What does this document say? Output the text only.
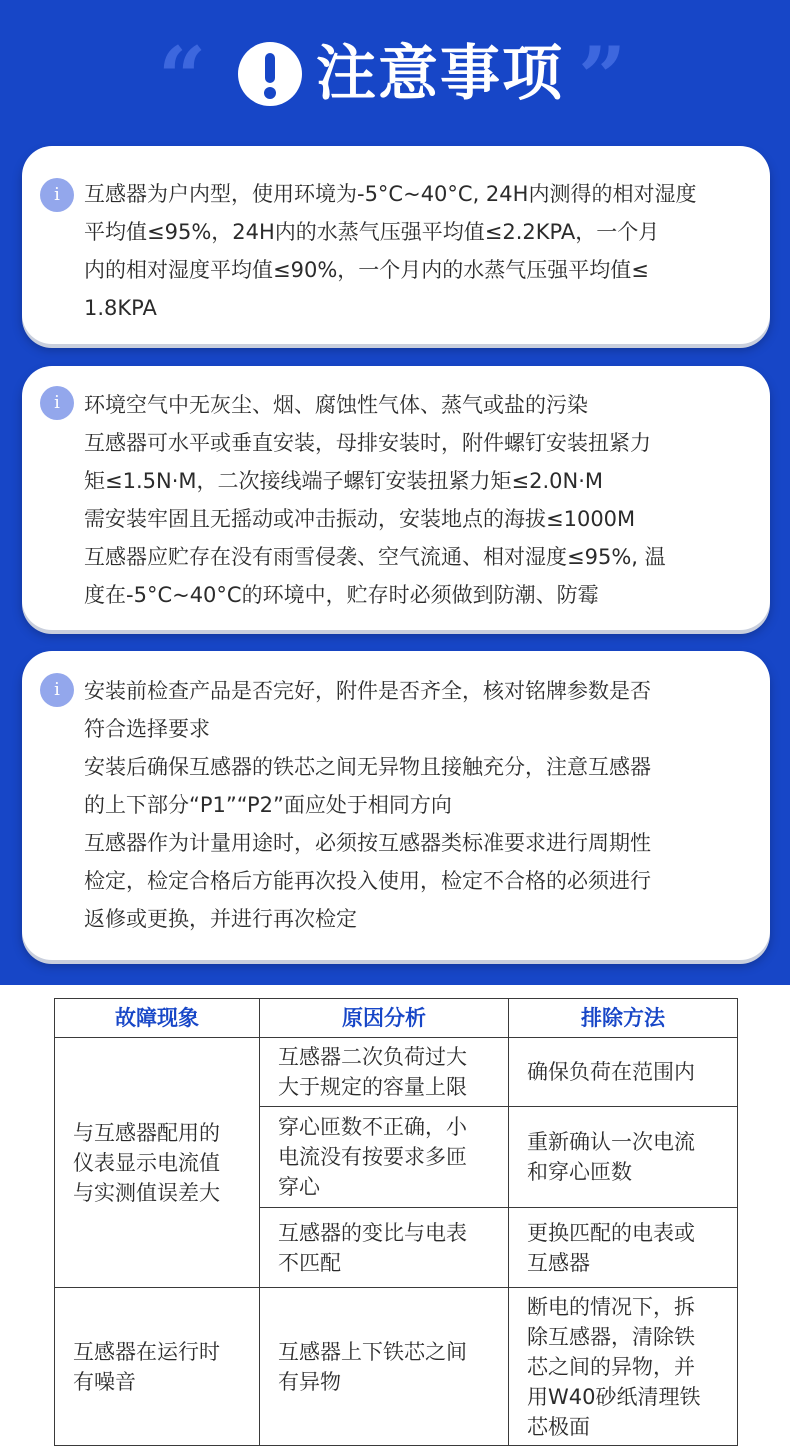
“ 注意事项 ”
i	互感器为户内型，使用环境为-5°C~40°C, 24H内测得的相对湿度
平均值≤95%，24H内的水蒸气压强平均值≤2.2KPA，一个月
内的相对湿度平均值≤90%，一个月内的水蒸气压强平均值≤
1.8KPA
i	环境空气中无灰尘、烟、腐蚀性气体、蒸气或盐的污染
互感器可水平或垂直安装，母排安装时，附件螺钉安装扭紧力
矩≤1.5N·M，二次接线端子螺钉安装扭紧力矩≤2.0N·M
需安装牢固且无摇动或冲击振动，安装地点的海拔≤1000M
互感器应贮存在没有雨雪侵袭、空气流通、相对湿度≤95%, 温
度在-5°C~40°C的环境中，贮存时必须做到防潮、防霉
i	安装前检查产品是否完好，附件是否齐全，核对铭牌参数是否
符合选择要求
安装后确保互感器的铁芯之间无异物且接触充分，注意互感器
的上下部分“P1”“P2”面应处于相同方向
互感器作为计量用途时，必须按互感器类标准要求进行周期性
检定，检定合格后方能再次投入使用，检定不合格的必须进行
返修或更换，并进行再次检定
故障现象	原因分析	排除方法

与互感器配用的
仪表显示电流值
与实测值误差大	互感器二次负荷过大
大于规定的容量上限	确保负荷在范围内

	穿心匝数不正确，小
电流没有按要求多匝
穿心	重新确认一次电流
和穿心匝数

	互感器的变比与电表
不匹配	更换匹配的电表或
互感器

互感器在运行时
有噪音	互感器上下铁芯之间
有异物	断电的情况下，拆
除互感器，清除铁
芯之间的异物，并
用W40砂纸清理铁
芯极面
